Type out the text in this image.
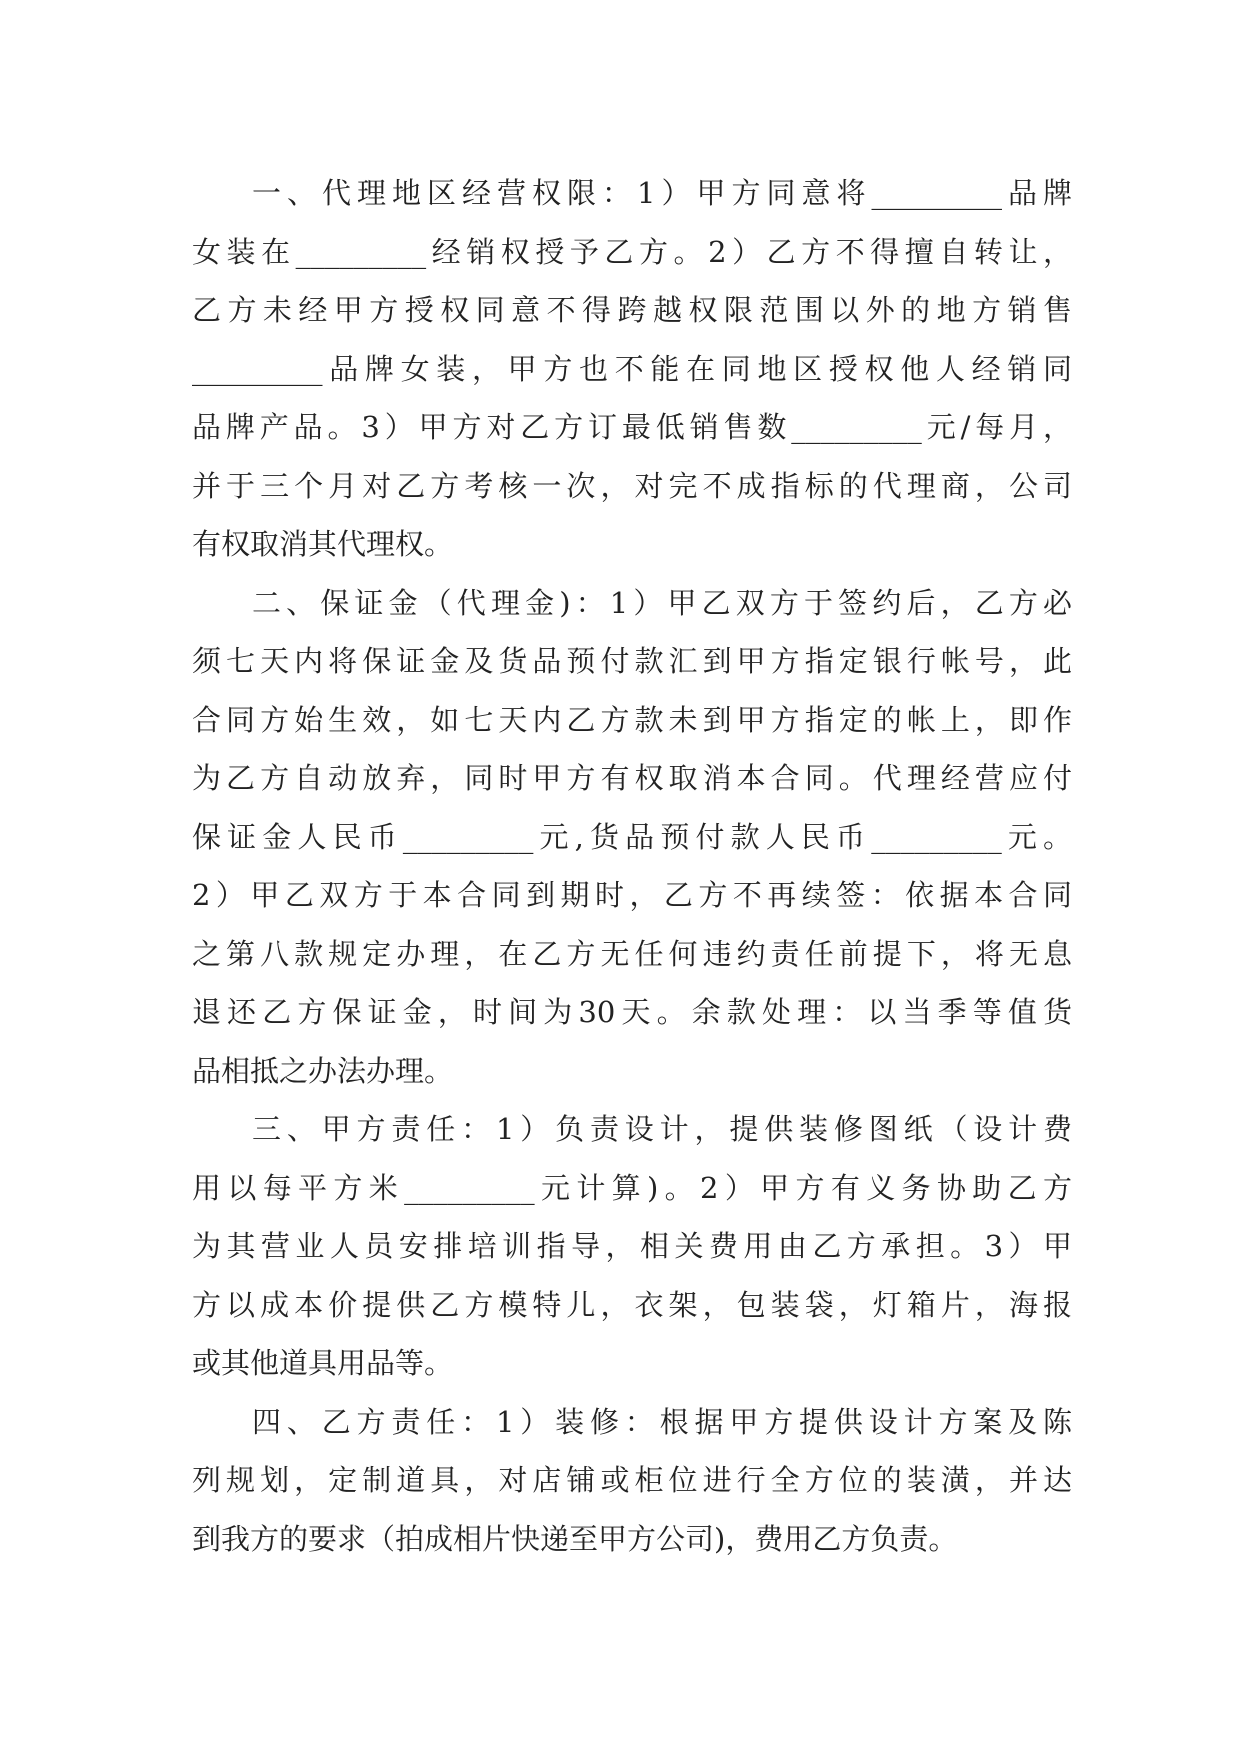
一、代理地区经营权限：1）甲方同意将_________品牌
女装在_________经销权授予乙方。2）乙方不得擅自转让，
乙方未经甲方授权同意不得跨越权限范围以外的地方销售
_________品牌女装，甲方也不能在同地区授权他人经销同
品牌产品。3）甲方对乙方订最低销售数_________元/每月，
并于三个月对乙方考核一次，对完不成指标的代理商，公司
有权取消其代理权。
二、保证金（代理金)：1）甲乙双方于签约后，乙方必
须七天内将保证金及货品预付款汇到甲方指定银行帐号，此
合同方始生效，如七天内乙方款未到甲方指定的帐上，即作
为乙方自动放弃，同时甲方有权取消本合同。代理经营应付
保证金人民币_________元,货品预付款人民币_________元。
2）甲乙双方于本合同到期时，乙方不再续签：依据本合同
之第八款规定办理，在乙方无任何违约责任前提下，将无息
退还乙方保证金，时间为30天。余款处理：以当季等值货
品相抵之办法办理。
三、甲方责任：1）负责设计，提供装修图纸（设计费
用以每平方米_________元计算)。2）甲方有义务协助乙方
为其营业人员安排培训指导，相关费用由乙方承担。3）甲
方以成本价提供乙方模特儿，衣架，包装袋，灯箱片，海报
或其他道具用品等。
四、乙方责任：1）装修：根据甲方提供设计方案及陈
列规划，定制道具，对店铺或柜位进行全方位的装潢，并达
到我方的要求（拍成相片快递至甲方公司)，费用乙方负责。
